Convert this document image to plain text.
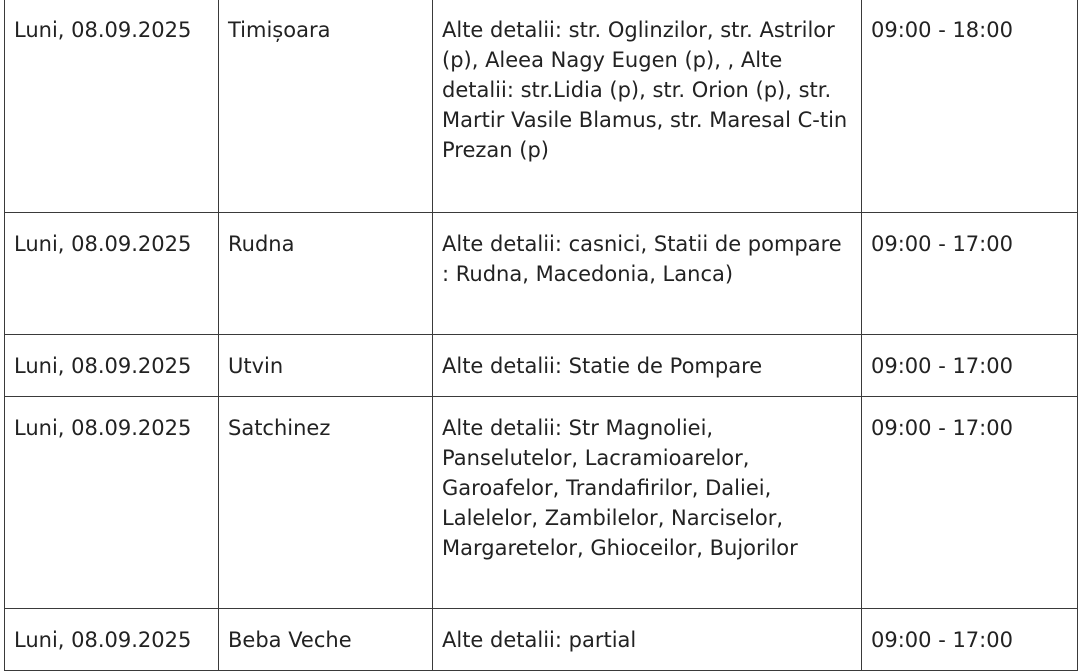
Luni, 08.09.2025	Timișoara	Alte detalii: str. Oglinzilor, str. Astrilor (p), Aleea Nagy Eugen (p), , Alte detalii: str.Lidia (p), str. Orion (p), str. Martir Vasile Blamus, str. Maresal C-tin Prezan (p)	09:00 - 18:00
Luni, 08.09.2025	Rudna	Alte detalii: casnici, Statii de pompare : Rudna, Macedonia, Lanca)	09:00 - 17:00
Luni, 08.09.2025	Utvin	Alte detalii: Statie de Pompare	09:00 - 17:00
Luni, 08.09.2025	Satchinez	Alte detalii: Str Magnoliei, Panselutelor, Lacramioarelor, Garoafelor, Trandafirilor, Daliei, Lalelelor, Zambilelor, Narciselor, Margaretelor, Ghioceilor, Bujorilor	09:00 - 17:00
Luni, 08.09.2025	Beba Veche	Alte detalii: partial	09:00 - 17:00
